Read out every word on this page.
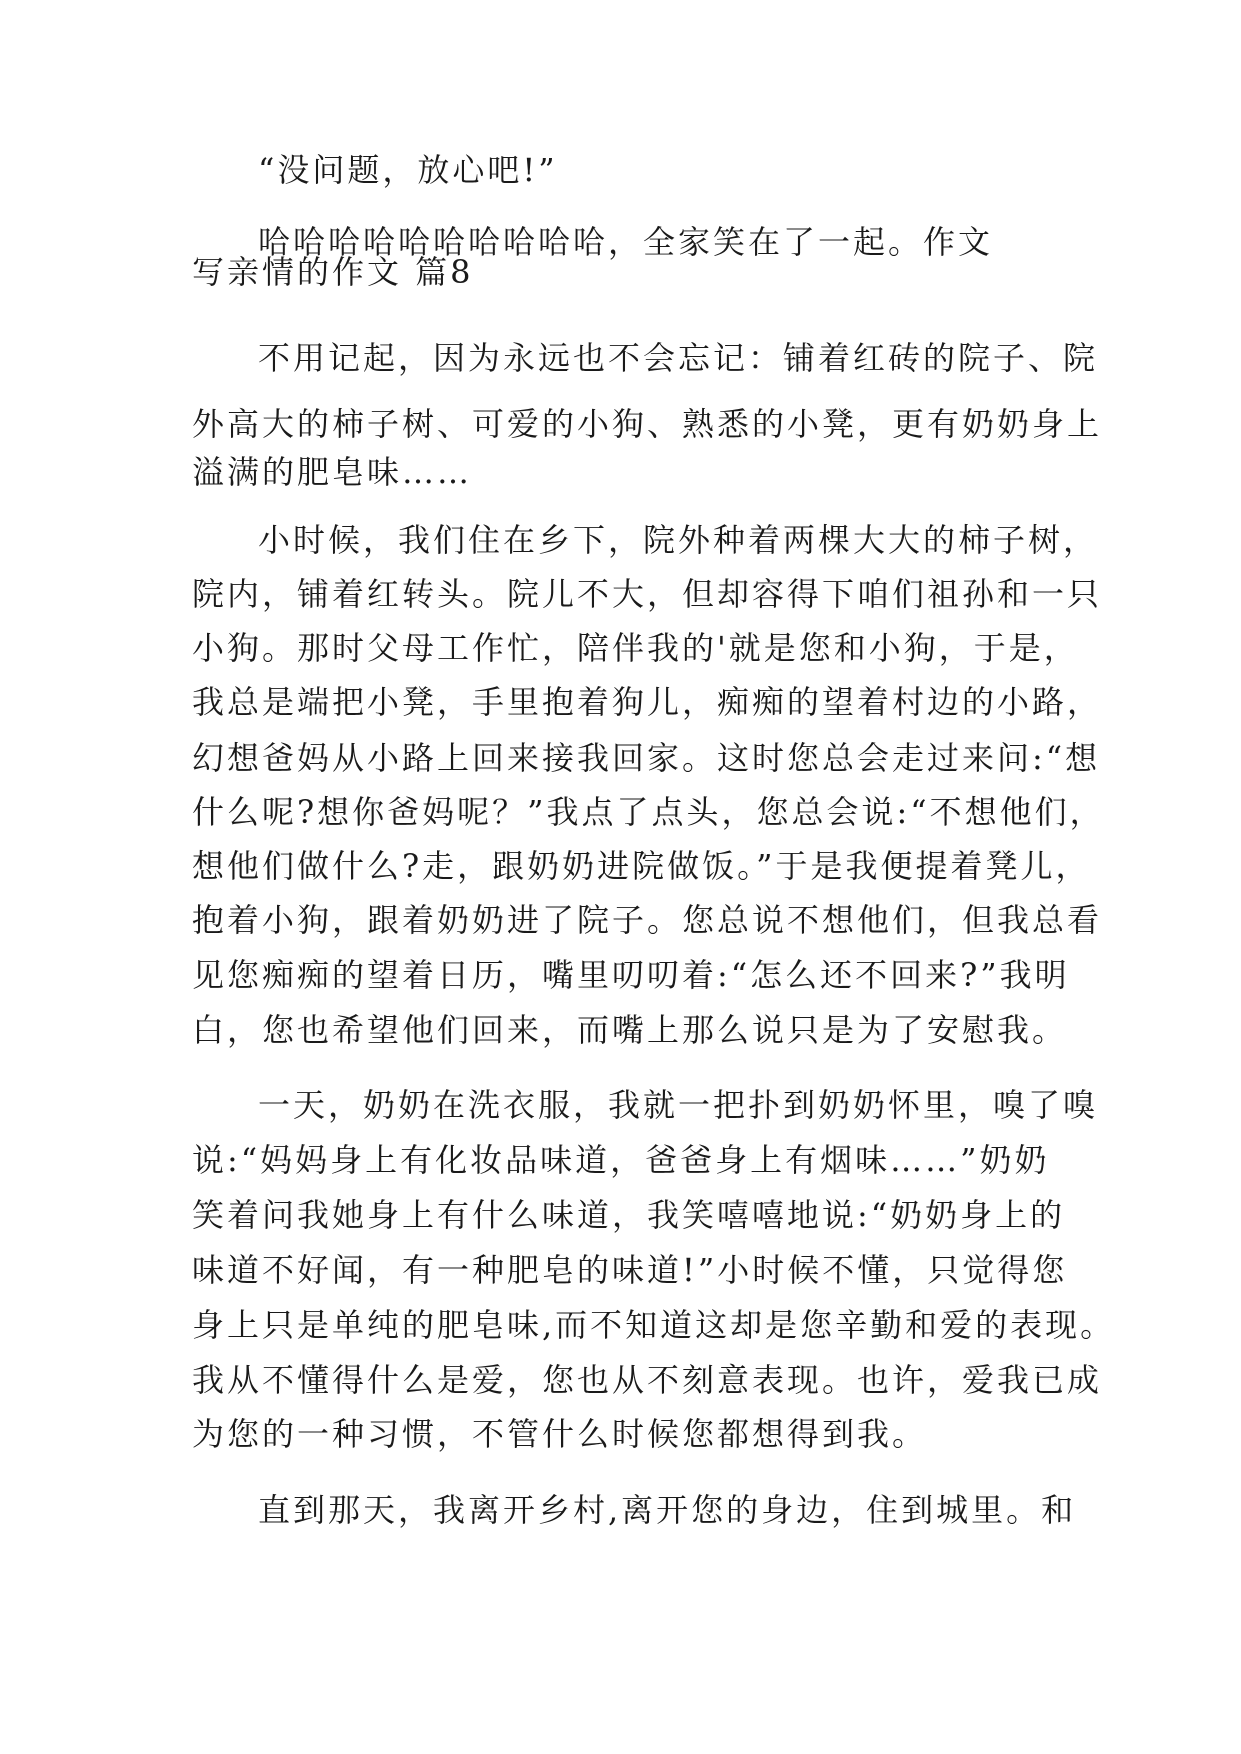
“没问题，放心吧!”
哈哈哈哈哈哈哈哈哈哈，全家笑在了一起。作文
写亲情的作文 篇8
不用记起，因为永远也不会忘记：铺着红砖的院子、院
外高大的柿子树、可爱的小狗、熟悉的小凳，更有奶奶身上
溢满的肥皂味……
小时候，我们住在乡下，院外种着两棵大大的柿子树，
院内，铺着红转头。院儿不大，但却容得下咱们祖孙和一只
小狗。那时父母工作忙，陪伴我的'就是您和小狗，于是，
我总是端把小凳，手里抱着狗儿，痴痴的望着村边的小路，
幻想爸妈从小路上回来接我回家。这时您总会走过来问:“想
什么呢?想你爸妈呢？”我点了点头，您总会说:“不想他们，
想他们做什么?走，跟奶奶进院做饭。”于是我便提着凳儿，
抱着小狗，跟着奶奶进了院子。您总说不想他们，但我总看
见您痴痴的望着日历，嘴里叨叨着:“怎么还不回来?”我明
白，您也希望他们回来，而嘴上那么说只是为了安慰我。
一天，奶奶在洗衣服，我就一把扑到奶奶怀里，嗅了嗅
说:“妈妈身上有化妆品味道，爸爸身上有烟味……”奶奶
笑着问我她身上有什么味道，我笑嘻嘻地说:“奶奶身上的
味道不好闻，有一种肥皂的味道!”小时候不懂，只觉得您
身上只是单纯的肥皂味,而不知道这却是您辛勤和爱的表现。
我从不懂得什么是爱，您也从不刻意表现。也许，爱我已成
为您的一种习惯，不管什么时候您都想得到我。
直到那天，我离开乡村,离开您的身边，住到城里。和
